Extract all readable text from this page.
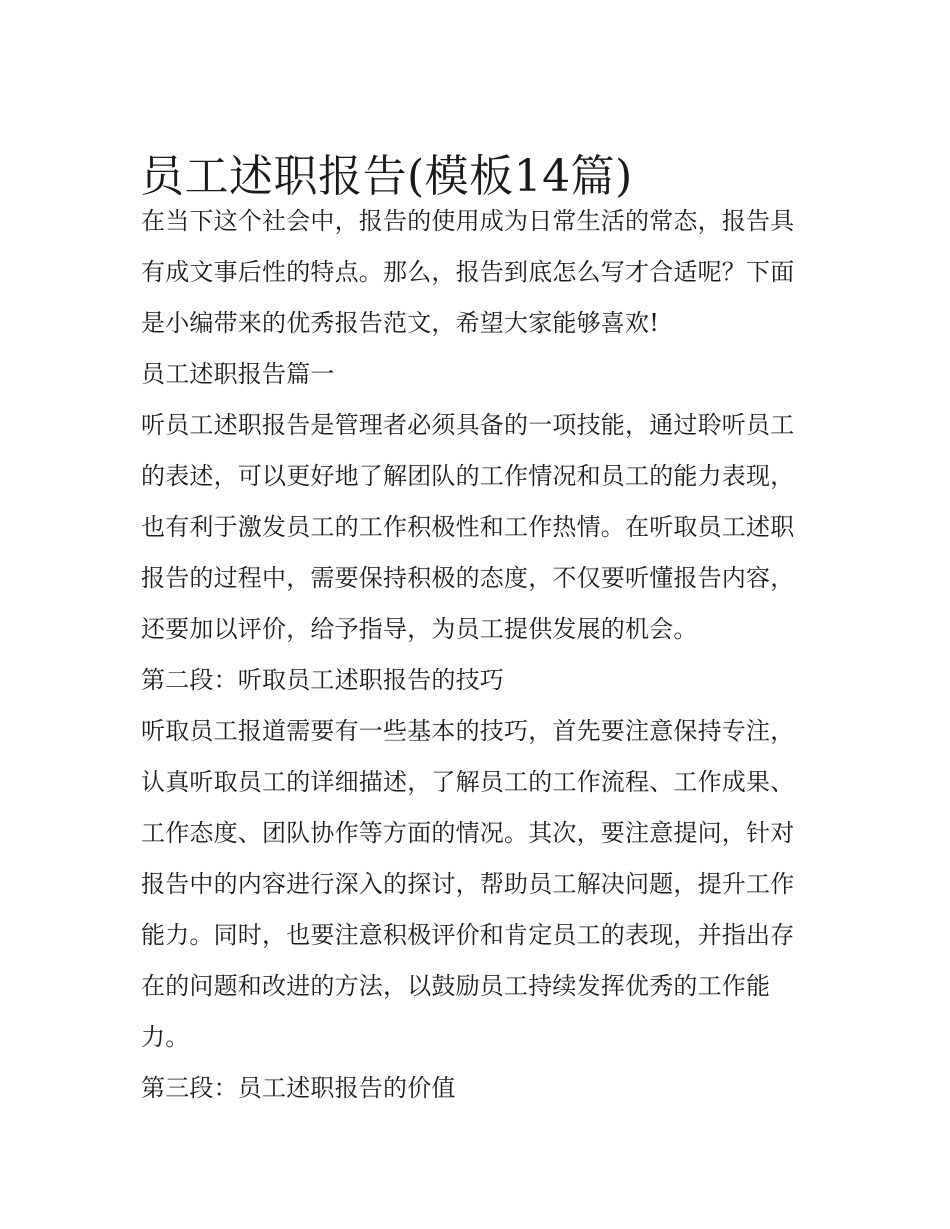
员工述职报告(模板14篇)

在当下这个社会中，报告的使用成为日常生活的常态，报告具有成文事后性的特点。那么，报告到底怎么写才合适呢？下面是小编带来的优秀报告范文，希望大家能够喜欢!

员工述职报告篇一

听员工述职报告是管理者必须具备的一项技能，通过聆听员工的表述，可以更好地了解团队的工作情况和员工的能力表现，也有利于激发员工的工作积极性和工作热情。在听取员工述职报告的过程中，需要保持积极的态度，不仅要听懂报告内容，还要加以评价，给予指导，为员工提供发展的机会。

第二段：听取员工述职报告的技巧

听取员工报道需要有一些基本的技巧，首先要注意保持专注，认真听取员工的详细描述，了解员工的工作流程、工作成果、工作态度、团队协作等方面的情况。其次，要注意提问，针对报告中的内容进行深入的探讨，帮助员工解决问题，提升工作能力。同时，也要注意积极评价和肯定员工的表现，并指出存在的问题和改进的方法，以鼓励员工持续发挥优秀的工作能力。

第三段：员工述职报告的价值
